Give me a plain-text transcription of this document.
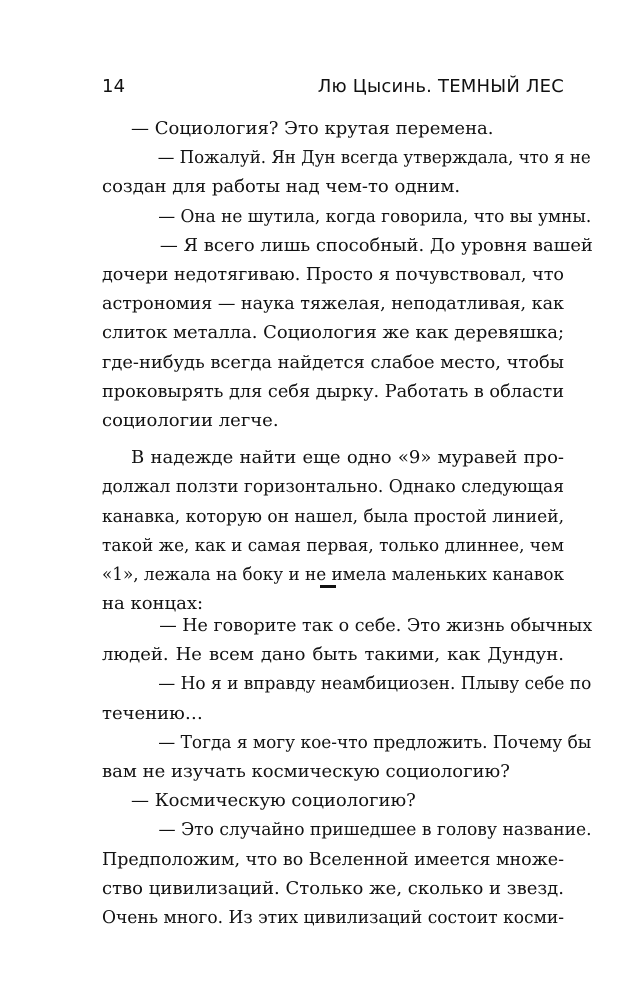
14	Лю Цысинь. ТЕМНЫЙ ЛЕС

— Социология? Это крутая перемена.

— Пожалуй. Ян Дун всегда утверждала, что я не
создан для работы над чем-то одним.

— Она не шутила, когда говорила, что вы умны.

— Я всего лишь способный. До уровня вашей
дочери недотягиваю. Просто я почувствовал, что
астрономия — наука тяжелая, неподатливая, как
слиток металла. Социология же как деревяшка;
где-нибудь всегда найдется слабое место, чтобы
проковырять для себя дырку. Работать в области
социологии легче.

В надежде найти еще одно «9» муравей про-
должал ползти горизонтально. Однако следующая
канавка, которую он нашел, была простой линией,
такой же, как и самая первая, только длиннее, чем
«1», лежала на боку и не имела маленьких канавок
на концах:

— Не говорите так о себе. Это жизнь обычных
людей. Не всем дано быть такими, как Дундун.

— Но я и вправду неамбициозен. Плыву себе по
течению…

— Тогда я могу кое-что предложить. Почему бы
вам не изучать космическую социологию?

— Космическую социологию?

— Это случайно пришедшее в голову название.
Предположим, что во Вселенной имеется множе-
ство цивилизаций. Столько же, сколько и звезд.
Очень много. Из этих цивилизаций состоит косми-
